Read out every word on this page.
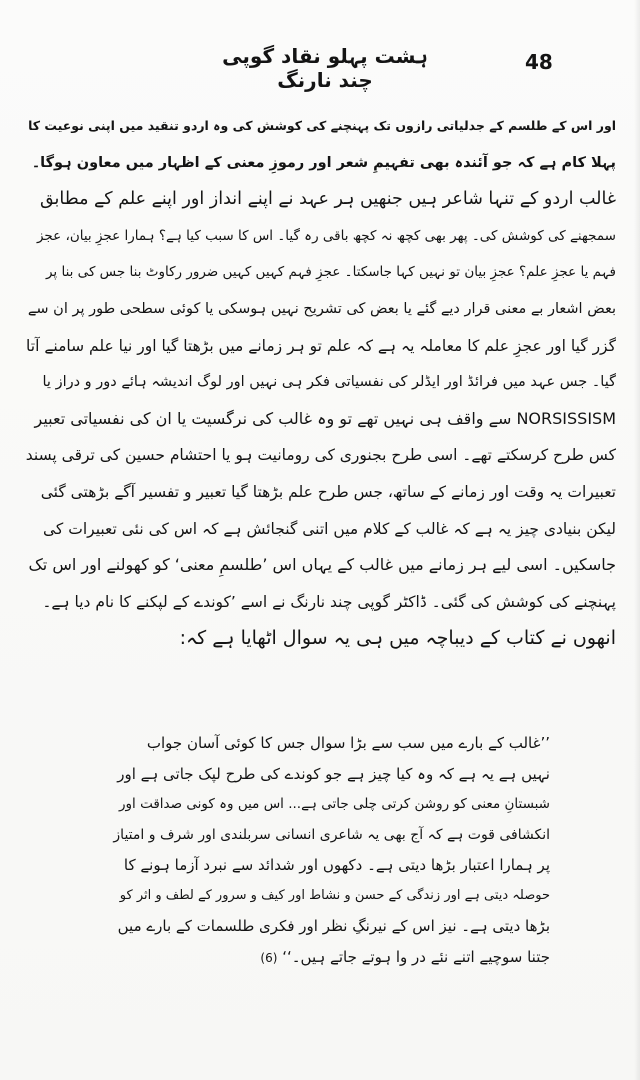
ہشت پہلو نقاد گوپی چند نارنگ
48
اور اس کے طلسم کے جدلیاتی رازوں تک پہنچنے کی کوشش کی وہ اردو تنقید میں اپنی نوعیت کا
پہلا کام ہے کہ جو آئندہ بھی تفہیمِ شعر اور رموزِ معنی کے اظہار میں معاون ہوگا۔
غالب اردو کے تنہا شاعر ہیں جنھیں ہر عہد نے اپنے انداز اور اپنے علم کے مطابق
سمجھنے کی کوشش کی۔ پھر بھی کچھ نہ کچھ باقی رہ گیا۔ اس کا سبب کیا ہے؟ ہمارا عجزِ بیان، عجز
فہم یا عجزِ علم؟ عجزِ بیان تو نہیں کہا جاسکتا۔ عجزِ فہم کہیں کہیں ضرور رکاوٹ بنا جس کی بنا پر
بعض اشعار بے معنی قرار دیے گئے یا بعض کی تشریح نہیں ہوسکی یا کوئی سطحی طور پر ان سے
گزر گیا اور عجزِ علم کا معاملہ یہ ہے کہ علم تو ہر زمانے میں بڑھتا گیا اور نیا علم سامنے آتا
گیا۔ جس عہد میں فرائڈ اور ایڈلر کی نفسیاتی فکر ہی نہیں اور لوگ اندیشہ ہائے دور و دراز یا
NORSISSISM سے واقف ہی نہیں تھے تو وہ غالب کی نرگسیت یا ان کی نفسیاتی تعبیر
کس طرح کرسکتے تھے۔ اسی طرح بجنوری کی رومانیت ہو یا احتشام حسین کی ترقی پسند
تعبیرات یہ وقت اور زمانے کے ساتھ، جس طرح علم بڑھتا گیا تعبیر و تفسیر آگے بڑھتی گئی
لیکن بنیادی چیز یہ ہے کہ غالب کے کلام میں اتنی گنجائش ہے کہ اس کی نئی تعبیرات کی
جاسکیں۔ اسی لیے ہر زمانے میں غالب کے یہاں اس ’طلسمِ معنی‘ کو کھولنے اور اس تک
پہنچنے کی کوشش کی گئی۔ ڈاکٹر گوپی چند نارنگ نے اسے ’کوندے کے لپکنے کا نام دیا ہے۔
انھوں نے کتاب کے دیباچہ میں ہی یہ سوال اٹھایا ہے کہ:
’’غالب کے بارے میں سب سے بڑا سوال جس کا کوئی آسان جواب
نہیں ہے یہ ہے کہ وہ کیا چیز ہے جو کوندے کی طرح لپک جاتی ہے اور
شبستانِ معنی کو روشن کرتی چلی جاتی ہے... اس میں وہ کونی صداقت اور
انکشافی قوت ہے کہ آج بھی یہ شاعری انسانی سربلندی اور شرف و امتیاز
پر ہمارا اعتبار بڑھا دیتی ہے۔ دکھوں اور شدائد سے نبرد آزما ہونے کا
حوصلہ دیتی ہے اور زندگی کے حسن و نشاط اور کیف و سرور کے لطف و اثر کو
بڑھا دیتی ہے۔ نیز اس کے نیرنگِ نظر اور فکری طلسمات کے بارے میں
جتنا سوچیے اتنے نئے در وا ہوتے جاتے ہیں۔‘‘ (6)
